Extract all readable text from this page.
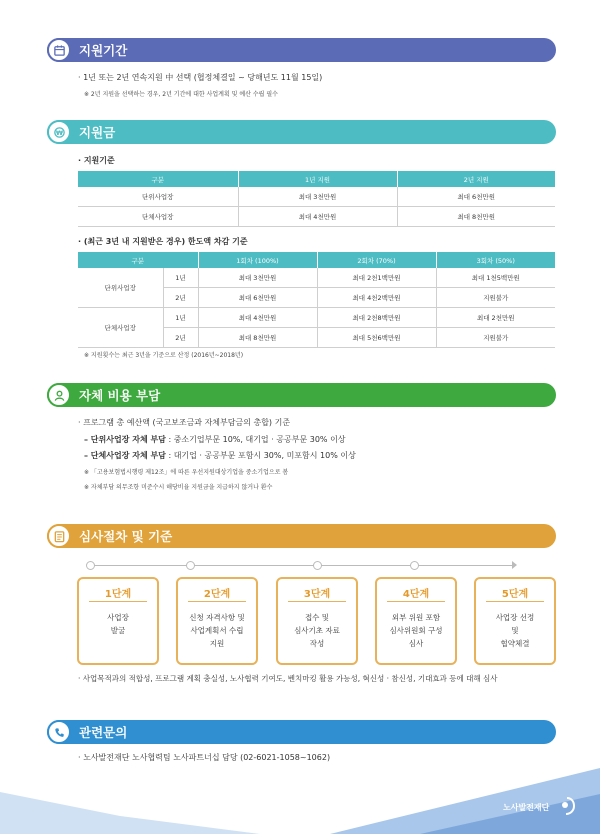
지원기간
· 1년 또는 2년 연속지원 中 선택 (협정체결일 ~ 당해년도 11월 15일)
※ 2년 지원을 선택하는 경우, 2년 기간에 대한 사업계획 및 예산 수립 필수
₩ 지원금
· 지원기준
구분	1년 지원	2년 지원
단위사업장	최대 3천만원	최대 6천만원
단체사업장	최대 4천만원	최대 8천만원
· (최근 3년 내 지원받은 경우) 한도액 차감 기준
구분		1회차 (100%)	2회차 (70%)	3회차 (50%)
단위사업장	1년	최대 3천만원	최대 2천1백만원	최대 1천5백만원
	2년	최대 6천만원	최대 4천2백만원	지원불가
단체사업장	1년	최대 4천만원	최대 2천8백만원	최대 2천만원
	2년	최대 8천만원	최대 5천6백만원	지원불가
※ 지원횟수는 최근 3년을 기준으로 산정 (2016년~2018년)
자체 비용 부담
· 프로그램 총 예산액 (국고보조금과 자체부담금의 총합) 기준
– 단위사업장 자체 부담 : 중소기업부문 10%, 대기업 · 공공부문 30% 이상
– 단체사업장 자체 부담 : 대기업 · 공공부문 포함시 30%, 미포함시 10% 이상
※ 「고용보험법시행령 제12조」에 따른 우선지원대상기업을 중소기업으로 봄
※ 자체부담 의무조항 미준수시 해당비율 지원금을 지급하지 않거나 환수
심사절차 및 기준
1단계
사업장
발굴
2단계
신청 자격사항 및
사업계획서 수립
지원
3단계
접수 및
심사기초 자료
작성
4단계
외부 위원 포함
심사위원회 구성
심사
5단계
사업장 선정
및
협약체결
· 사업목적과의 적합성, 프로그램 계획 충실성, 노사협력 기여도, 벤치마킹 활용 가능성, 혁신성 · 참신성, 기대효과 등에 대해 심사
관련문의
· 노사발전재단 노사협력팀 노사파트너십 담당 (02-6021-1058~1062)
노사발전재단
